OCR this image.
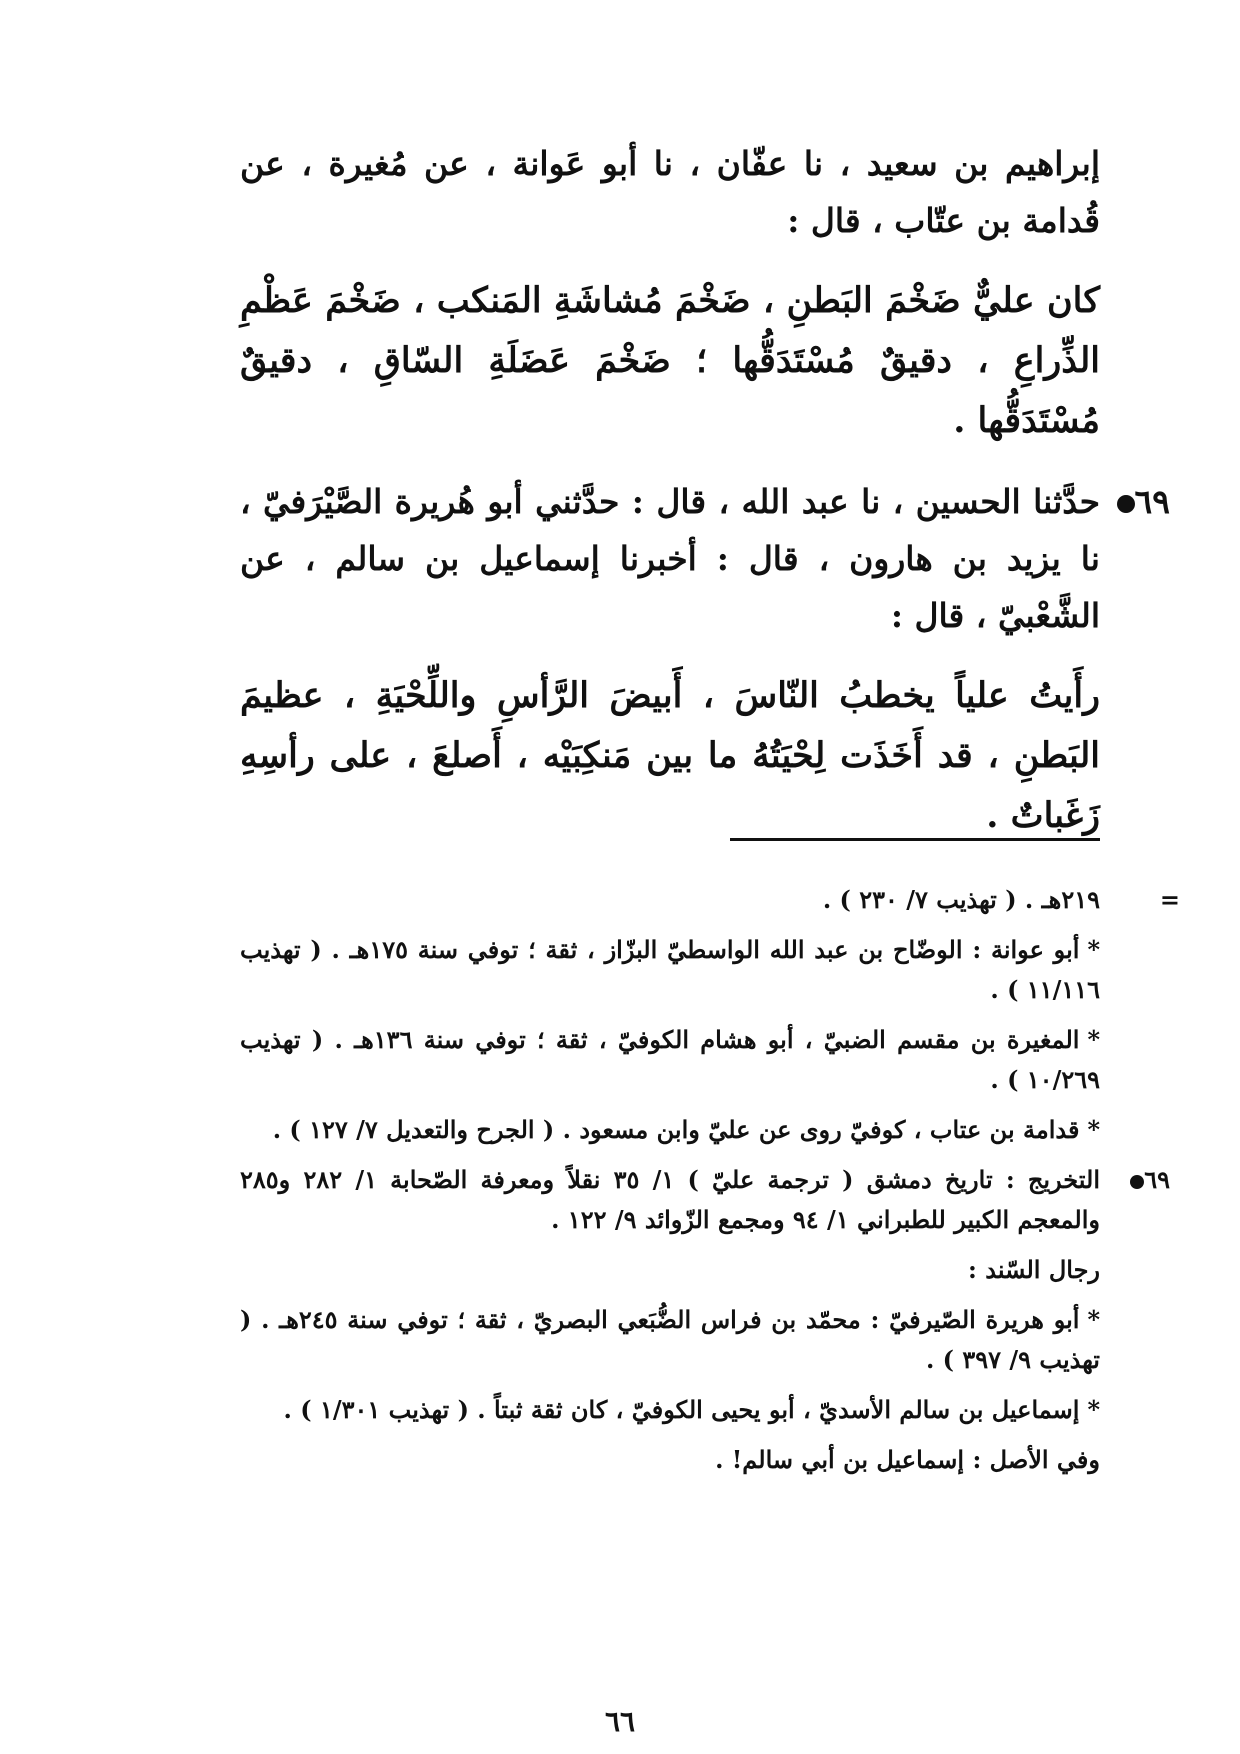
إبراهيم بن سعيد ، نا عفّان ، نا أبو عَوانة ، عن مُغيرة ، عن قُدامة بن عتّاب ، قال :

كان عليٌّ ضَخْمَ البَطنِ ، ضَخْمَ مُشاشَةِ المَنكب ، ضَخْمَ عَظْمِ الذِّراعِ ، دقيقٌ مُسْتَدَقُّها ؛ ضَخْمَ عَضَلَةِ السّاقِ ، دقيقٌ مُسْتَدَقُّها .

٦٩

حدَّثنا الحسين ، نا عبد الله ، قال : حدَّثني أبو هُريرة الصَّيْرَفيّ ، نا يزيد بن هارون ، قال : أخبرنا إسماعيل بن سالم ، عن الشَّعْبيّ ، قال :

رأَيتُ علياً يخطبُ النّاسَ ، أَبيضَ الرَّأسِ واللِّحْيَةِ ، عظيمَ البَطنِ ، قد أَخَذَت لِحْيَتُهُ ما بين مَنكِبَيْه ، أَصلعَ ، على رأسِهِ زَغَباتٌ .

=
٢١٩هـ . ( تهذيب ٧/ ٢٣٠ ) .

*أبو عوانة : الوضّاح بن عبد الله الواسطيّ البزّاز ، ثقة ؛ توفي سنة ١٧٥هـ . ( تهذيب ١١/١١٦ ) .

*المغيرة بن مقسم الضبيّ ، أبو هشام الكوفيّ ، ثقة ؛ توفي سنة ١٣٦هـ . ( تهذيب ١٠/٢٦٩ ) .

*قدامة بن عتاب ، كوفيّ روى عن عليّ وابن مسعود . ( الجرح والتعديل ٧/ ١٢٧ ) .

٦٩
التخريج : تاريخ دمشق ( ترجمة عليّ ) ١/ ٣٥ نقلاً ومعرفة الصّحابة ١/ ٢٨٢ و٢٨٥ والمعجم الكبير للطبراني ١/ ٩٤ ومجمع الزّوائد ٩/ ١٢٢ .

رجال السّند :

*أبو هريرة الصّيرفيّ : محمّد بن فراس الضُّبَعي البصريّ ، ثقة ؛ توفي سنة ٢٤٥هـ . ( تهذيب ٩/ ٣٩٧ ) .

*إسماعيل بن سالم الأسديّ ، أبو يحيى الكوفيّ ، كان ثقة ثبتاً . ( تهذيب ١/٣٠١ ) .

وفي الأصل : إسماعيل بن أبي سالم! .

٦٦
